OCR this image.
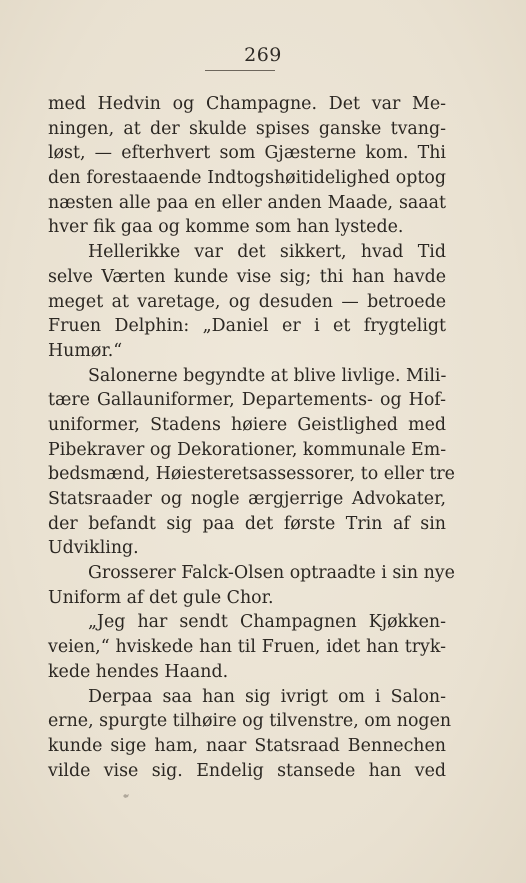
269

med Hedvin og Champagne. Det var Me-
ningen, at der skulde spises ganske tvang-
løst, — efterhvert som Gjæsterne kom. Thi
den forestaaende Indtogshøitidelighed optog
næsten alle paa en eller anden Maade, saaat
hver fik gaa og komme som han lystede.

Hellerikke var det sikkert, hvad Tid
selve Værten kunde vise sig; thi han havde
meget at varetage, og desuden — betroede
Fruen Delphin: „Daniel er i et frygteligt
Humør.“

Salonerne begyndte at blive livlige. Mili-
tære Gallauniformer, Departements- og Hof-
uniformer, Stadens høiere Geistlighed med
Pibekraver og Dekorationer, kommunale Em-
bedsmænd, Høiesteretsassessorer, to eller tre
Statsraader og nogle ærgjerrige Advokater,
der befandt sig paa det første Trin af sin
Udvikling.

Grosserer Falck-Olsen optraadte i sin nye
Uniform af det gule Chor.

„Jeg har sendt Champagnen Kjøkken-
veien,“ hviskede han til Fruen, idet han tryk-
kede hendes Haand.

Derpaa saa han sig ivrigt om i Salon-
erne, spurgte tilhøire og tilvenstre, om nogen
kunde sige ham, naar Statsraad Bennechen
vilde vise sig. Endelig stansede han ved
